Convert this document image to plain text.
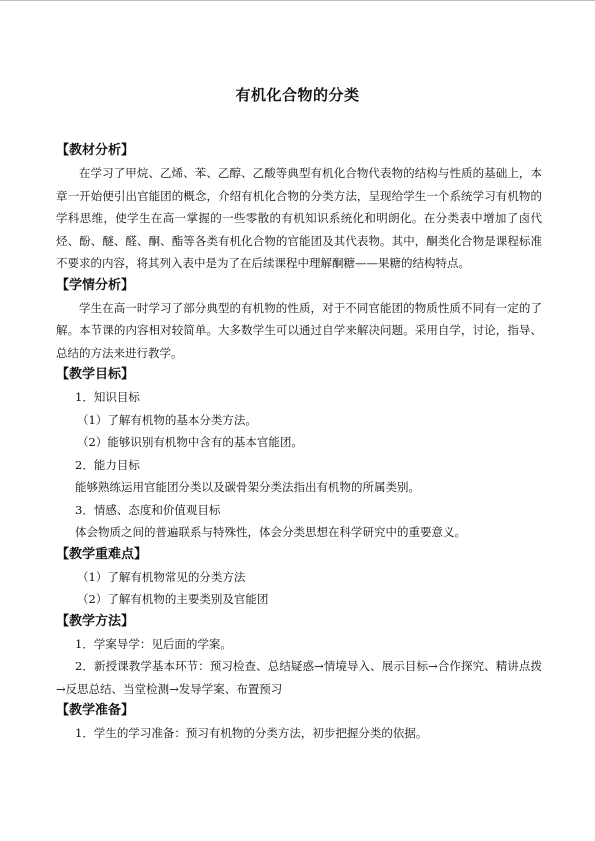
有机化合物的分类

【教材分析】

在学习了甲烷、乙烯、苯、乙醇、乙酸等典型有机化合物代表物的结构与性质的基础上，本章一开始便引出官能团的概念，介绍有机化合物的分类方法，呈现给学生一个系统学习有机物的学科思维，使学生在高一掌握的一些零散的有机知识系统化和明朗化。在分类表中增加了卤代烃、酚、醚、醛、酮、酯等各类有机化合物的官能团及其代表物。其中，酮类化合物是课程标准不要求的内容，将其列入表中是为了在后续课程中理解酮糖——果糖的结构特点。

【学情分析】

学生在高一时学习了部分典型的有机物的性质，对于不同官能团的物质性质不同有一定的了解。本节课的内容相对较简单。大多数学生可以通过自学来解决问题。采用自学，讨论，指导、总结的方法来进行教学。

【教学目标】

1．知识目标

（1）了解有机物的基本分类方法。

（2）能够识别有机物中含有的基本官能团。

2．能力目标

能够熟练运用官能团分类以及碳骨架分类法指出有机物的所属类别。

3．情感、态度和价值观目标

体会物质之间的普遍联系与特殊性，体会分类思想在科学研究中的重要意义。

【教学重难点】

（1）了解有机物常见的分类方法

（2）了解有机物的主要类别及官能团

【教学方法】

1．学案导学：见后面的学案。

2．新授课教学基本环节：预习检查、总结疑惑→情境导入、展示目标→合作探究、精讲点拨→反思总结、当堂检测→发导学案、布置预习

【教学准备】

1．学生的学习准备：预习有机物的分类方法，初步把握分类的依据。
